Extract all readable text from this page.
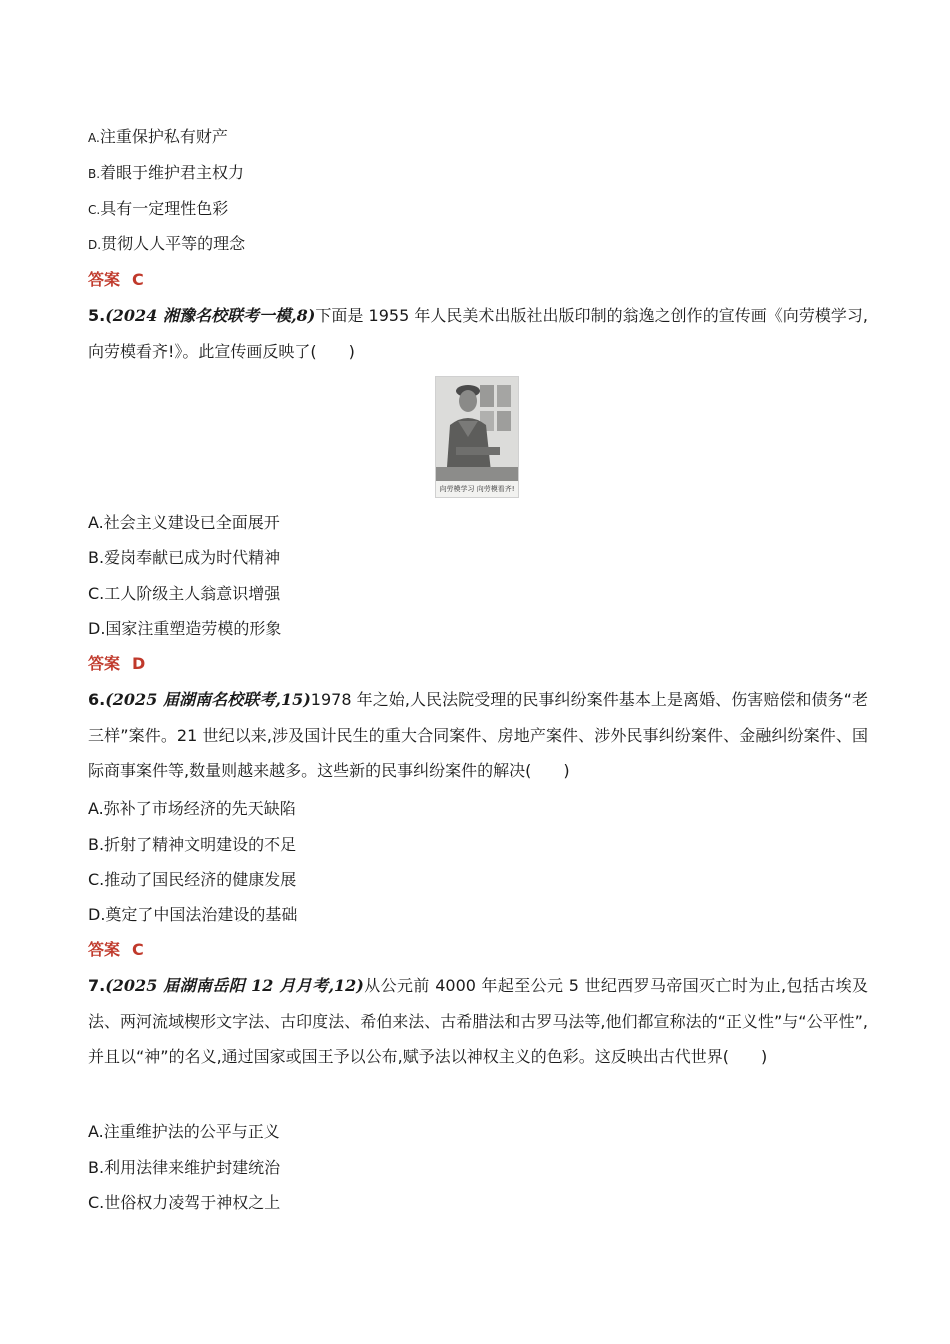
A.注重保护私有财产
B.着眼于维护君主权力
C.具有一定理性色彩
D.贯彻人人平等的理念
答案 C
5.(2024 湘豫名校联考一模,8)下面是 1955 年人民美术出版社出版印制的翁逸之创作的宣传画《向劳模学习,向劳模看齐!》。此宣传画反映了(　　)
向劳模学习 向劳模看齐!
A.社会主义建设已全面展开
B.爱岗奉献已成为时代精神
C.工人阶级主人翁意识增强
D.国家注重塑造劳模的形象
答案 D
6.(2025 届湖南名校联考,15)1978 年之始,人民法院受理的民事纠纷案件基本上是离婚、伤害赔偿和债务“老三样”案件。21 世纪以来,涉及国计民生的重大合同案件、房地产案件、涉外民事纠纷案件、金融纠纷案件、国际商事案件等,数量则越来越多。这些新的民事纠纷案件的解决(　　)
A.弥补了市场经济的先天缺陷
B.折射了精神文明建设的不足
C.推动了国民经济的健康发展
D.奠定了中国法治建设的基础
答案 C
7.(2025 届湖南岳阳 12 月月考,12)从公元前 4000 年起至公元 5 世纪西罗马帝国灭亡时为止,包括古埃及法、两河流域楔形文字法、古印度法、希伯来法、古希腊法和古罗马法等,他们都宣称法的“正义性”与“公平性”,并且以“神”的名义,通过国家或国王予以公布,赋予法以神权主义的色彩。这反映出古代世界(　　)
A.注重维护法的公平与正义
B.利用法律来维护封建统治
C.世俗权力凌驾于神权之上
